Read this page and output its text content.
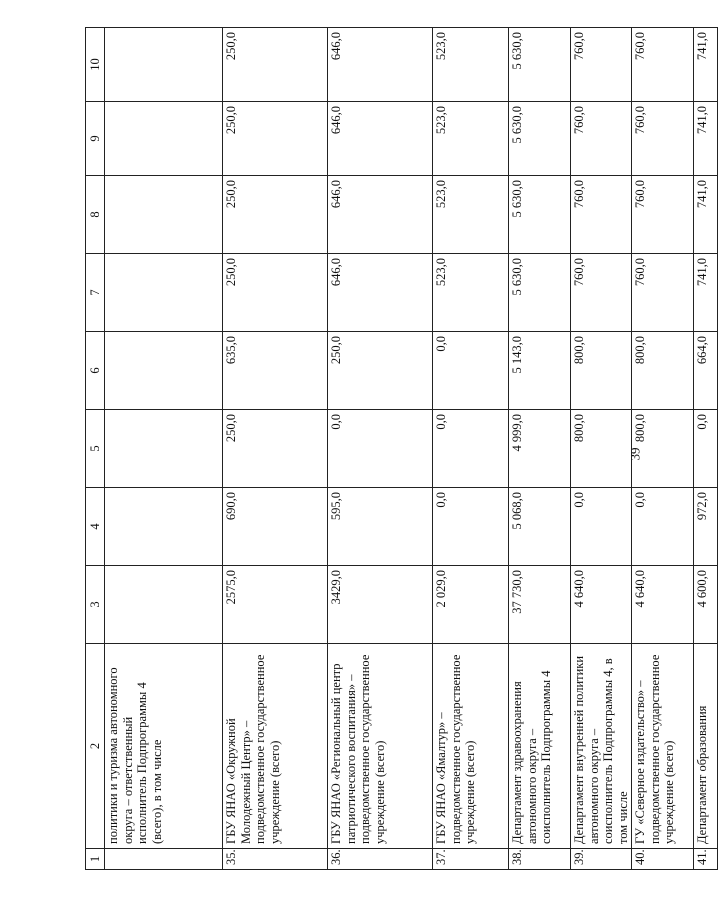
39
1	2	3	4	5	6	7	8	9	10
	политики и туризма автономного округа – ответственный исполнитель Подпрограммы 4 (всего), в том числе								
35.	ГБУ ЯНАО «Окружной Молодежный Центр» – подведомственное государственное учреждение (всего)	2575,0	690,0	250,0	635,0	250,0	250,0	250,0	250,0
36.	ГБУ ЯНАО «Региональный центр патриотического воспитания» – подведомственное государственное учреждение (всего)	3429,0	595,0	0,0	250,0	646,0	646,0	646,0	646,0
37.	ГБУ ЯНАО «Ямалтур» – подведомственное государственное учреждение (всего)	2 029,0	0,0	0,0	0,0	523,0	523,0	523,0	523,0
38.	Департамент здравоохранения автономного округа – соисполнитель Подпрограммы 4	37 730,0	5 068,0	4 999,0	5 143,0	5 630,0	5 630,0	5 630,0	5 630,0
39.	Департамент внутренней политики автономного округа – соисполнитель Подпрограммы 4, в том числе	4 640,0	0,0	800,0	800,0	760,0	760,0	760,0	760,0
40.	ГУ «Северное издательство» – подведомственное государственное учреждение (всего)	4 640,0	0,0	800,0	800,0	760,0	760,0	760,0	760,0
41.	Департамент образования	4 600,0	972,0	0,0	664,0	741,0	741,0	741,0	741,0
